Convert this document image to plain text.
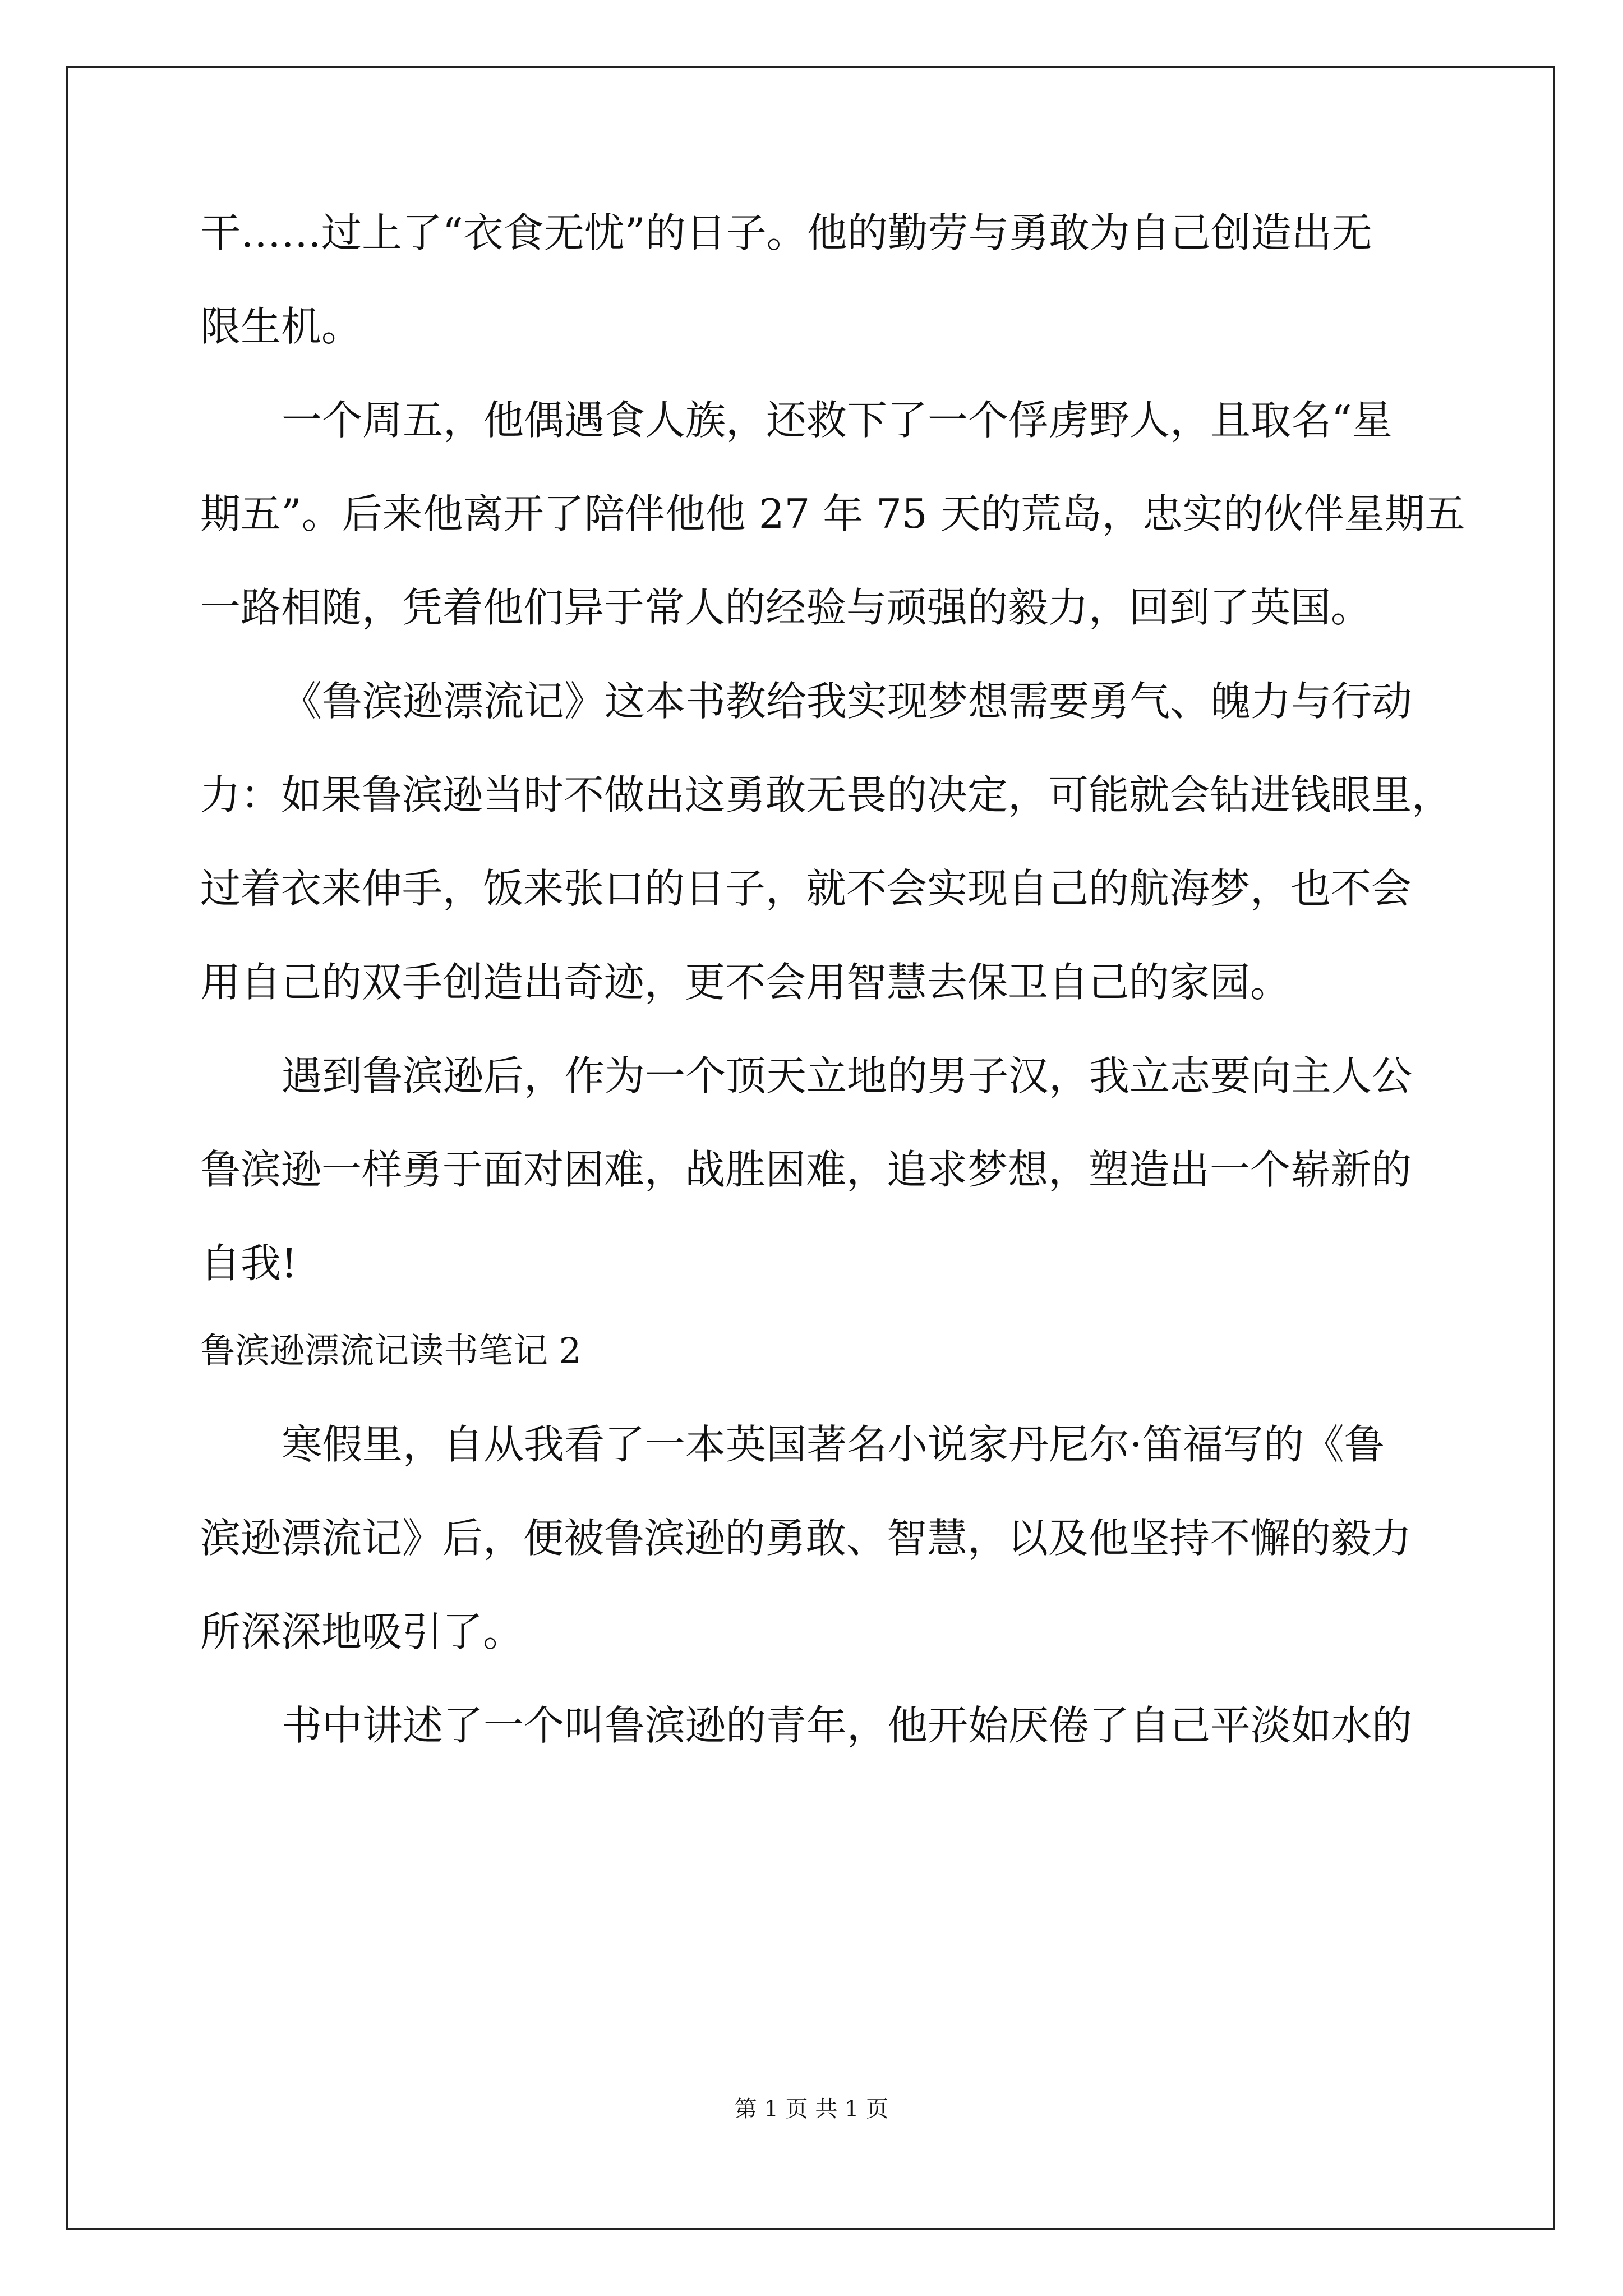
干……过上了“衣食无忧”的日子。他的勤劳与勇敢为自己创造出无
限生机。
一个周五，他偶遇食人族，还救下了一个俘虏野人，且取名“星
期五”。后来他离开了陪伴他他 27 年 75 天的荒岛，忠实的伙伴星期五
一路相随，凭着他们异于常人的经验与顽强的毅力，回到了英国。
《鲁滨逊漂流记》这本书教给我实现梦想需要勇气、魄力与行动
力：如果鲁滨逊当时不做出这勇敢无畏的决定，可能就会钻进钱眼里，
过着衣来伸手，饭来张口的日子，就不会实现自己的航海梦，也不会
用自己的双手创造出奇迹，更不会用智慧去保卫自己的家园。
遇到鲁滨逊后，作为一个顶天立地的男子汉，我立志要向主人公
鲁滨逊一样勇于面对困难，战胜困难，追求梦想，塑造出一个崭新的
自我!
鲁滨逊漂流记读书笔记 2
寒假里，自从我看了一本英国著名小说家丹尼尔·笛福写的《鲁
滨逊漂流记》后，便被鲁滨逊的勇敢、智慧，以及他坚持不懈的毅力
所深深地吸引了。
书中讲述了一个叫鲁滨逊的青年，他开始厌倦了自己平淡如水的
第 1 页 共 1 页
